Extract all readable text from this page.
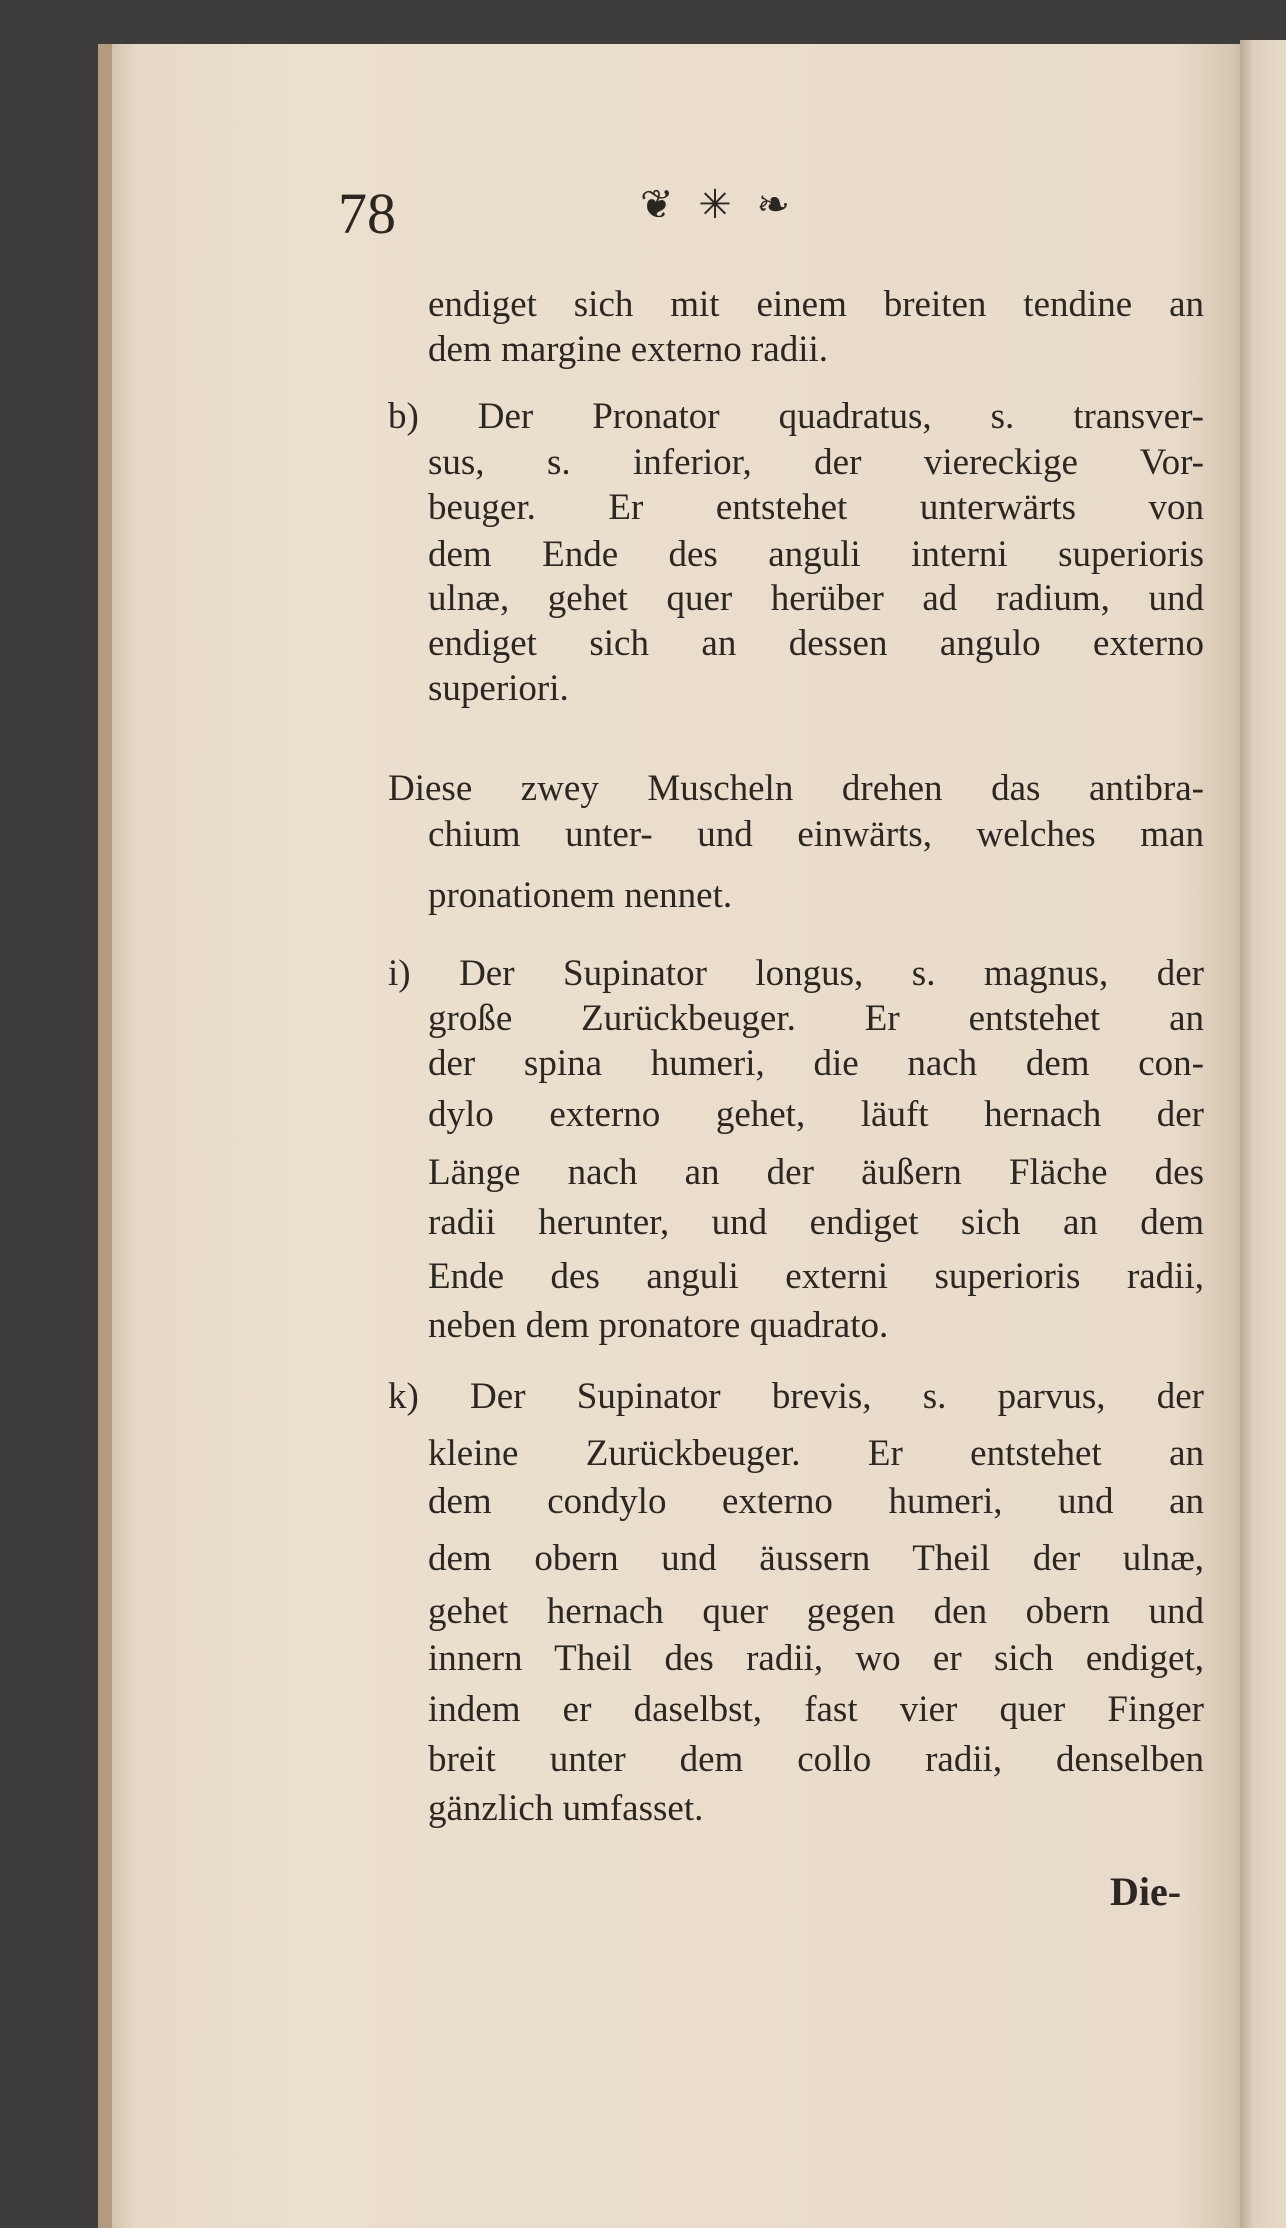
78	❦ ✳ ❧
endiget sich mit einem breiten tendine an
dem margine externo radii.
b) Der Pronator quadratus, s. transver-
sus, s. inferior, der viereckige Vor-
beuger. Er entstehet unterwärts von
dem Ende des anguli interni superioris
ulnæ, gehet quer herüber ad radium, und
endiget sich an dessen angulo externo
superiori.
Diese zwey Muscheln drehen das antibra-
chium unter- und einwärts, welches man
pronationem nennet.
i) Der Supinator longus, s. magnus, der
große Zurückbeuger. Er entstehet an
der spina humeri, die nach dem con-
dylo externo gehet, läuft hernach der
Länge nach an der äußern Fläche des
radii herunter, und endiget sich an dem
Ende des anguli externi superioris radii,
neben dem pronatore quadrato.
k) Der Supinator brevis, s. parvus, der
kleine Zurückbeuger. Er entstehet an
dem condylo externo humeri, und an
dem obern und äussern Theil der ulnæ,
gehet hernach quer gegen den obern und
innern Theil des radii, wo er sich endiget,
indem er daselbst, fast vier quer Finger
breit unter dem collo radii, denselben
gänzlich umfasset.
Die-
